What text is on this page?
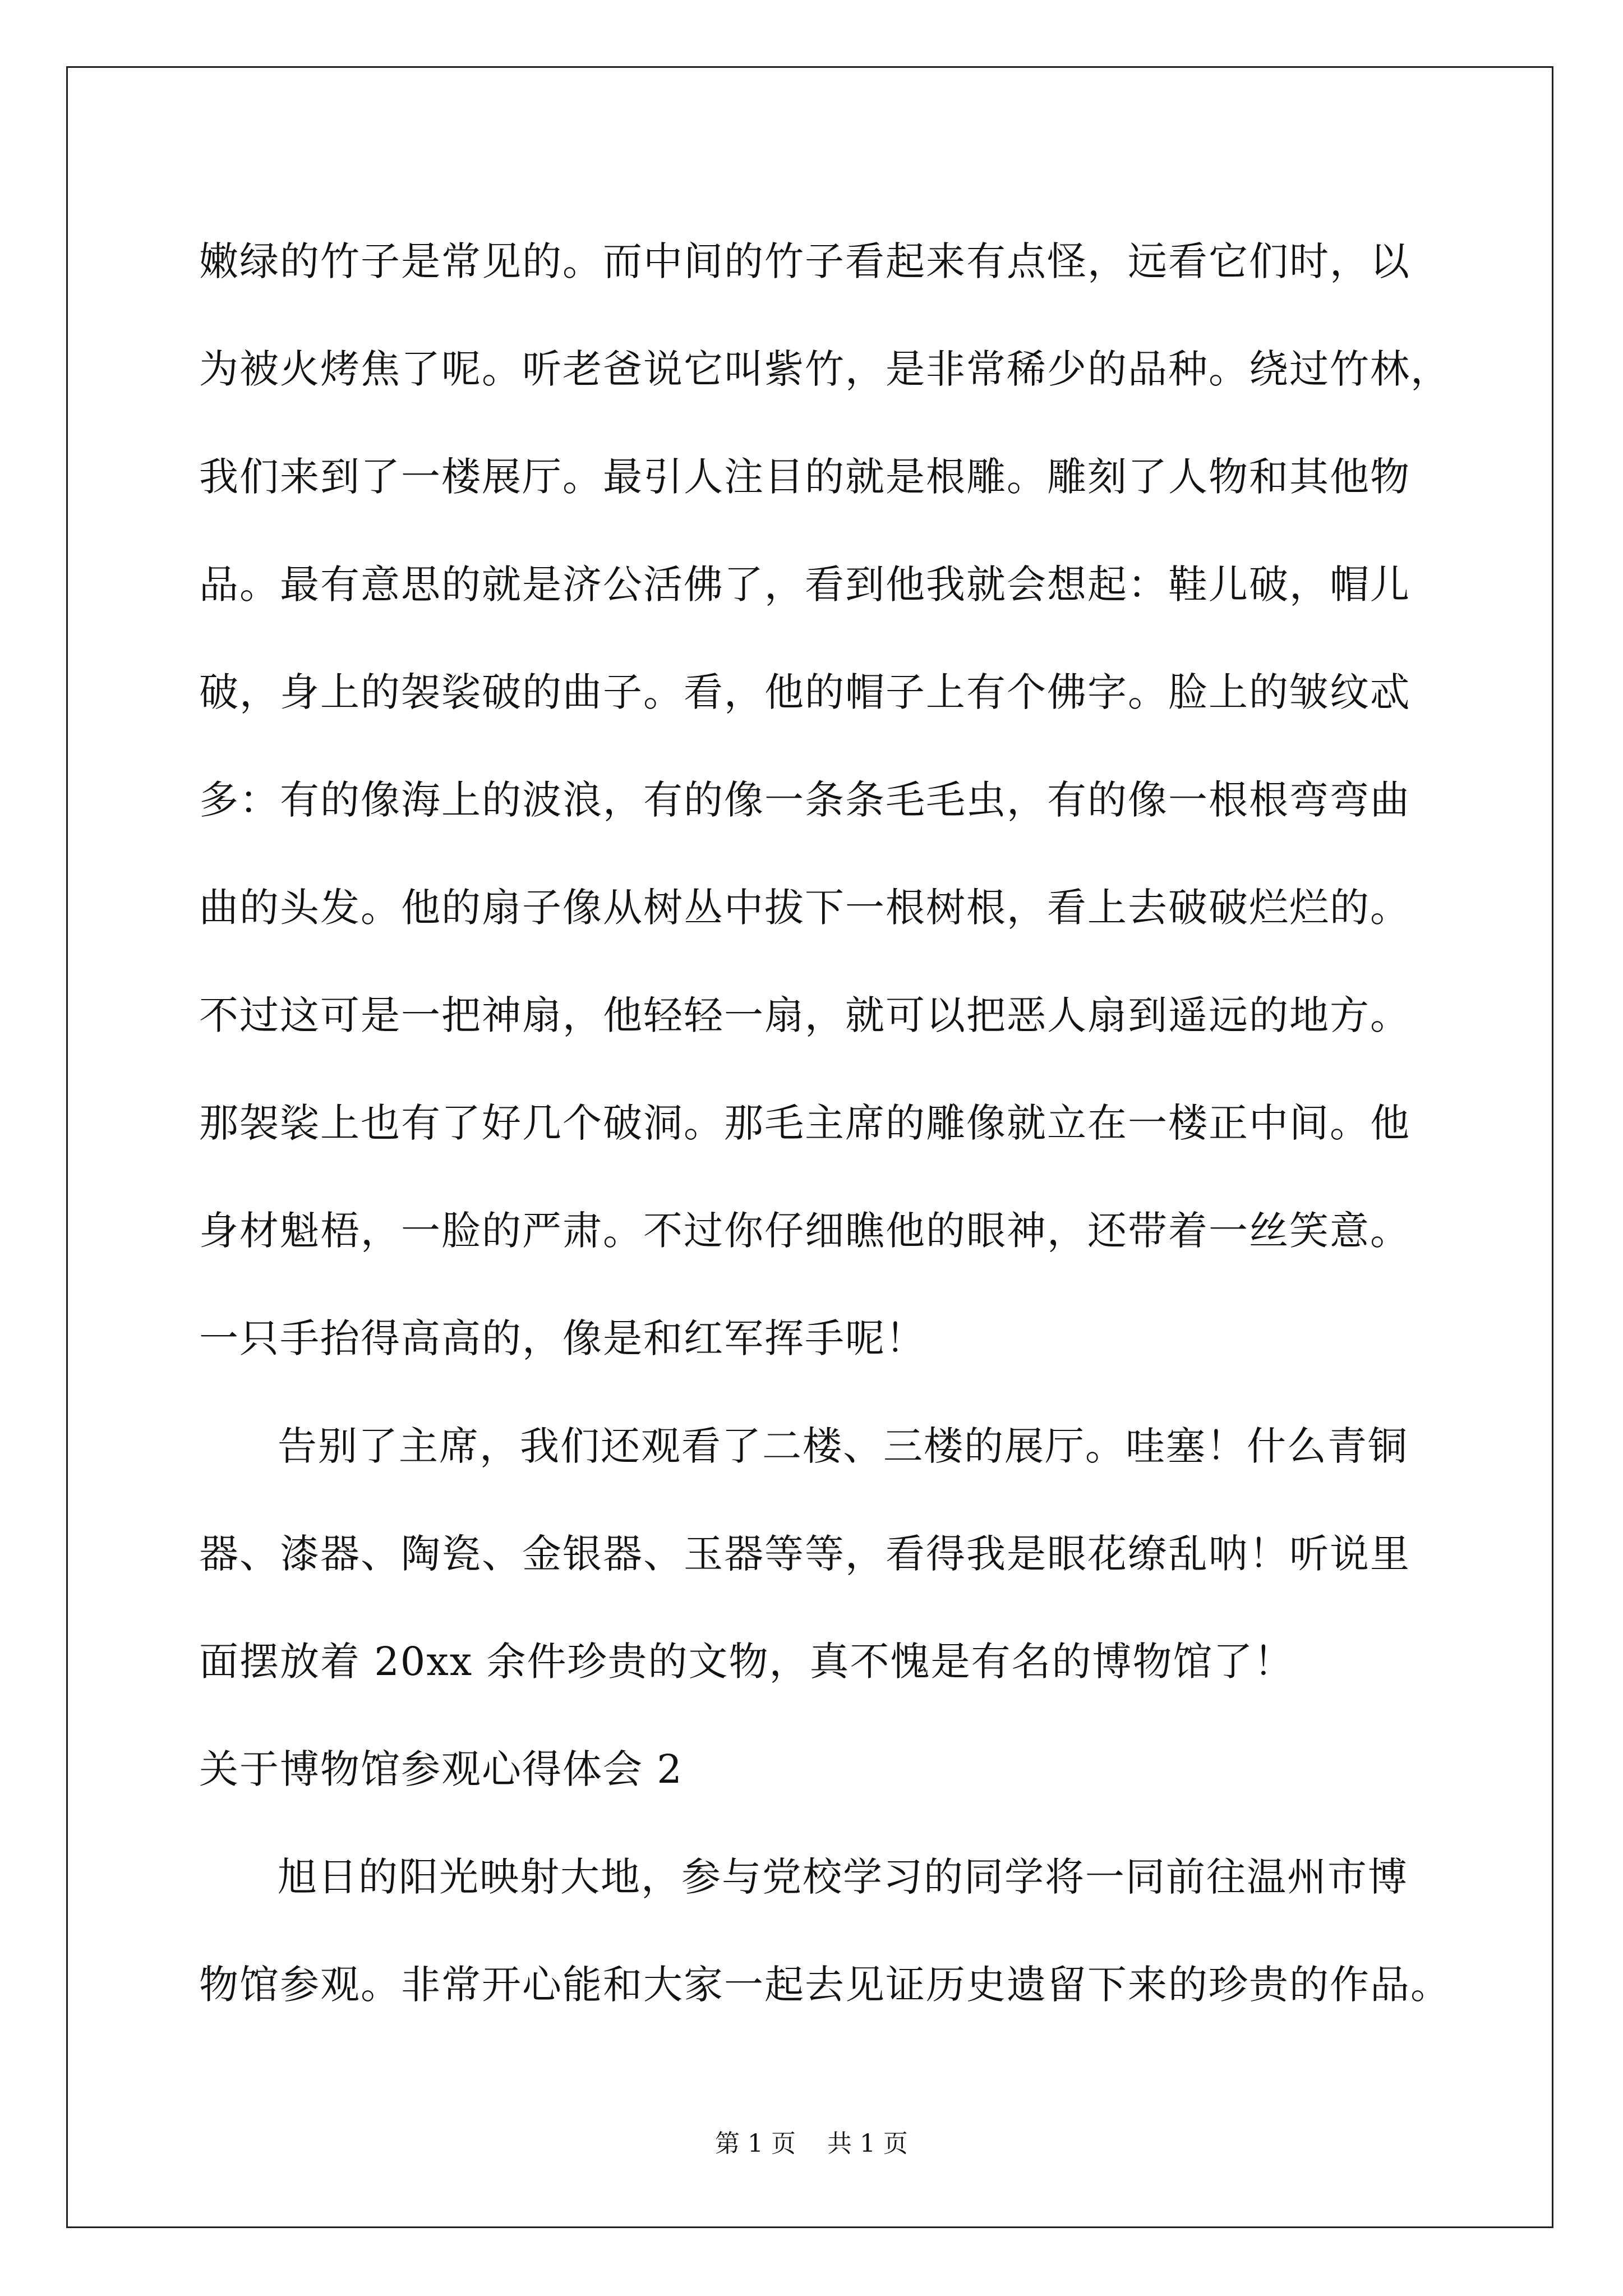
嫩绿的竹子是常见的。而中间的竹子看起来有点怪，远看它们时，以
为被火烤焦了呢。听老爸说它叫紫竹，是非常稀少的品种。绕过竹林，
我们来到了一楼展厅。最引人注目的就是根雕。雕刻了人物和其他物
品。最有意思的就是济公活佛了，看到他我就会想起：鞋儿破，帽儿
破，身上的袈裟破的曲子。看，他的帽子上有个佛字。脸上的皱纹忒
多：有的像海上的波浪，有的像一条条毛毛虫，有的像一根根弯弯曲
曲的头发。他的扇子像从树丛中拔下一根树根，看上去破破烂烂的。
不过这可是一把神扇，他轻轻一扇，就可以把恶人扇到遥远的地方。
那袈裟上也有了好几个破洞。那毛主席的雕像就立在一楼正中间。他
身材魁梧，一脸的严肃。不过你仔细瞧他的眼神，还带着一丝笑意。
一只手抬得高高的，像是和红军挥手呢！
告别了主席，我们还观看了二楼、三楼的展厅。哇塞！什么青铜
器、漆器、陶瓷、金银器、玉器等等，看得我是眼花缭乱呐！听说里
面摆放着 20xx 余件珍贵的文物，真不愧是有名的博物馆了！
关于博物馆参观心得体会 2
旭日的阳光映射大地，参与党校学习的同学将一同前往温州市博
物馆参观。非常开心能和大家一起去见证历史遗留下来的珍贵的作品。
第 1 页    共 1 页
